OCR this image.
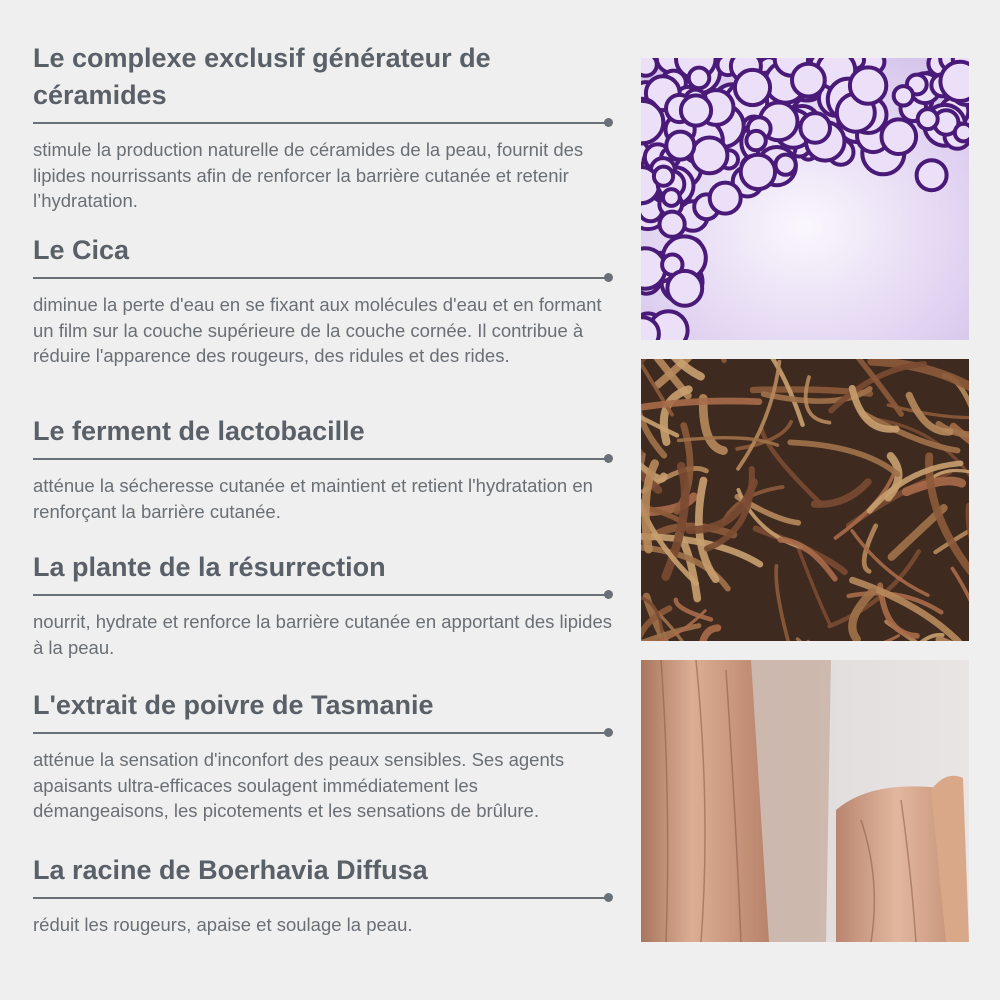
Le complexe exclusif générateur de céramides
stimule la production naturelle de céramides de la peau, fournit des lipides nourrissants afin de renforcer la barrière cutanée et retenir l’hydratation.
Le Cica
diminue la perte d'eau en se fixant aux molécules d'eau et en formant un film sur la couche supérieure de la couche cornée. Il contribue à réduire l'apparence des rougeurs, des ridules et des rides.
Le ferment de lactobacille
atténue la sécheresse cutanée et maintient et retient l'hydratation en renforçant la barrière cutanée.
La plante de la résurrection
nourrit, hydrate et renforce la barrière cutanée en apportant des lipides à la peau.
L'extrait de poivre de Tasmanie
atténue la sensation d'inconfort des peaux sensibles. Ses agents apaisants ultra-efficaces soulagent immédiatement les démangeaisons, les picotements et les sensations de brûlure.
La racine de Boerhavia Diffusa
réduit les rougeurs, apaise et soulage la peau.
